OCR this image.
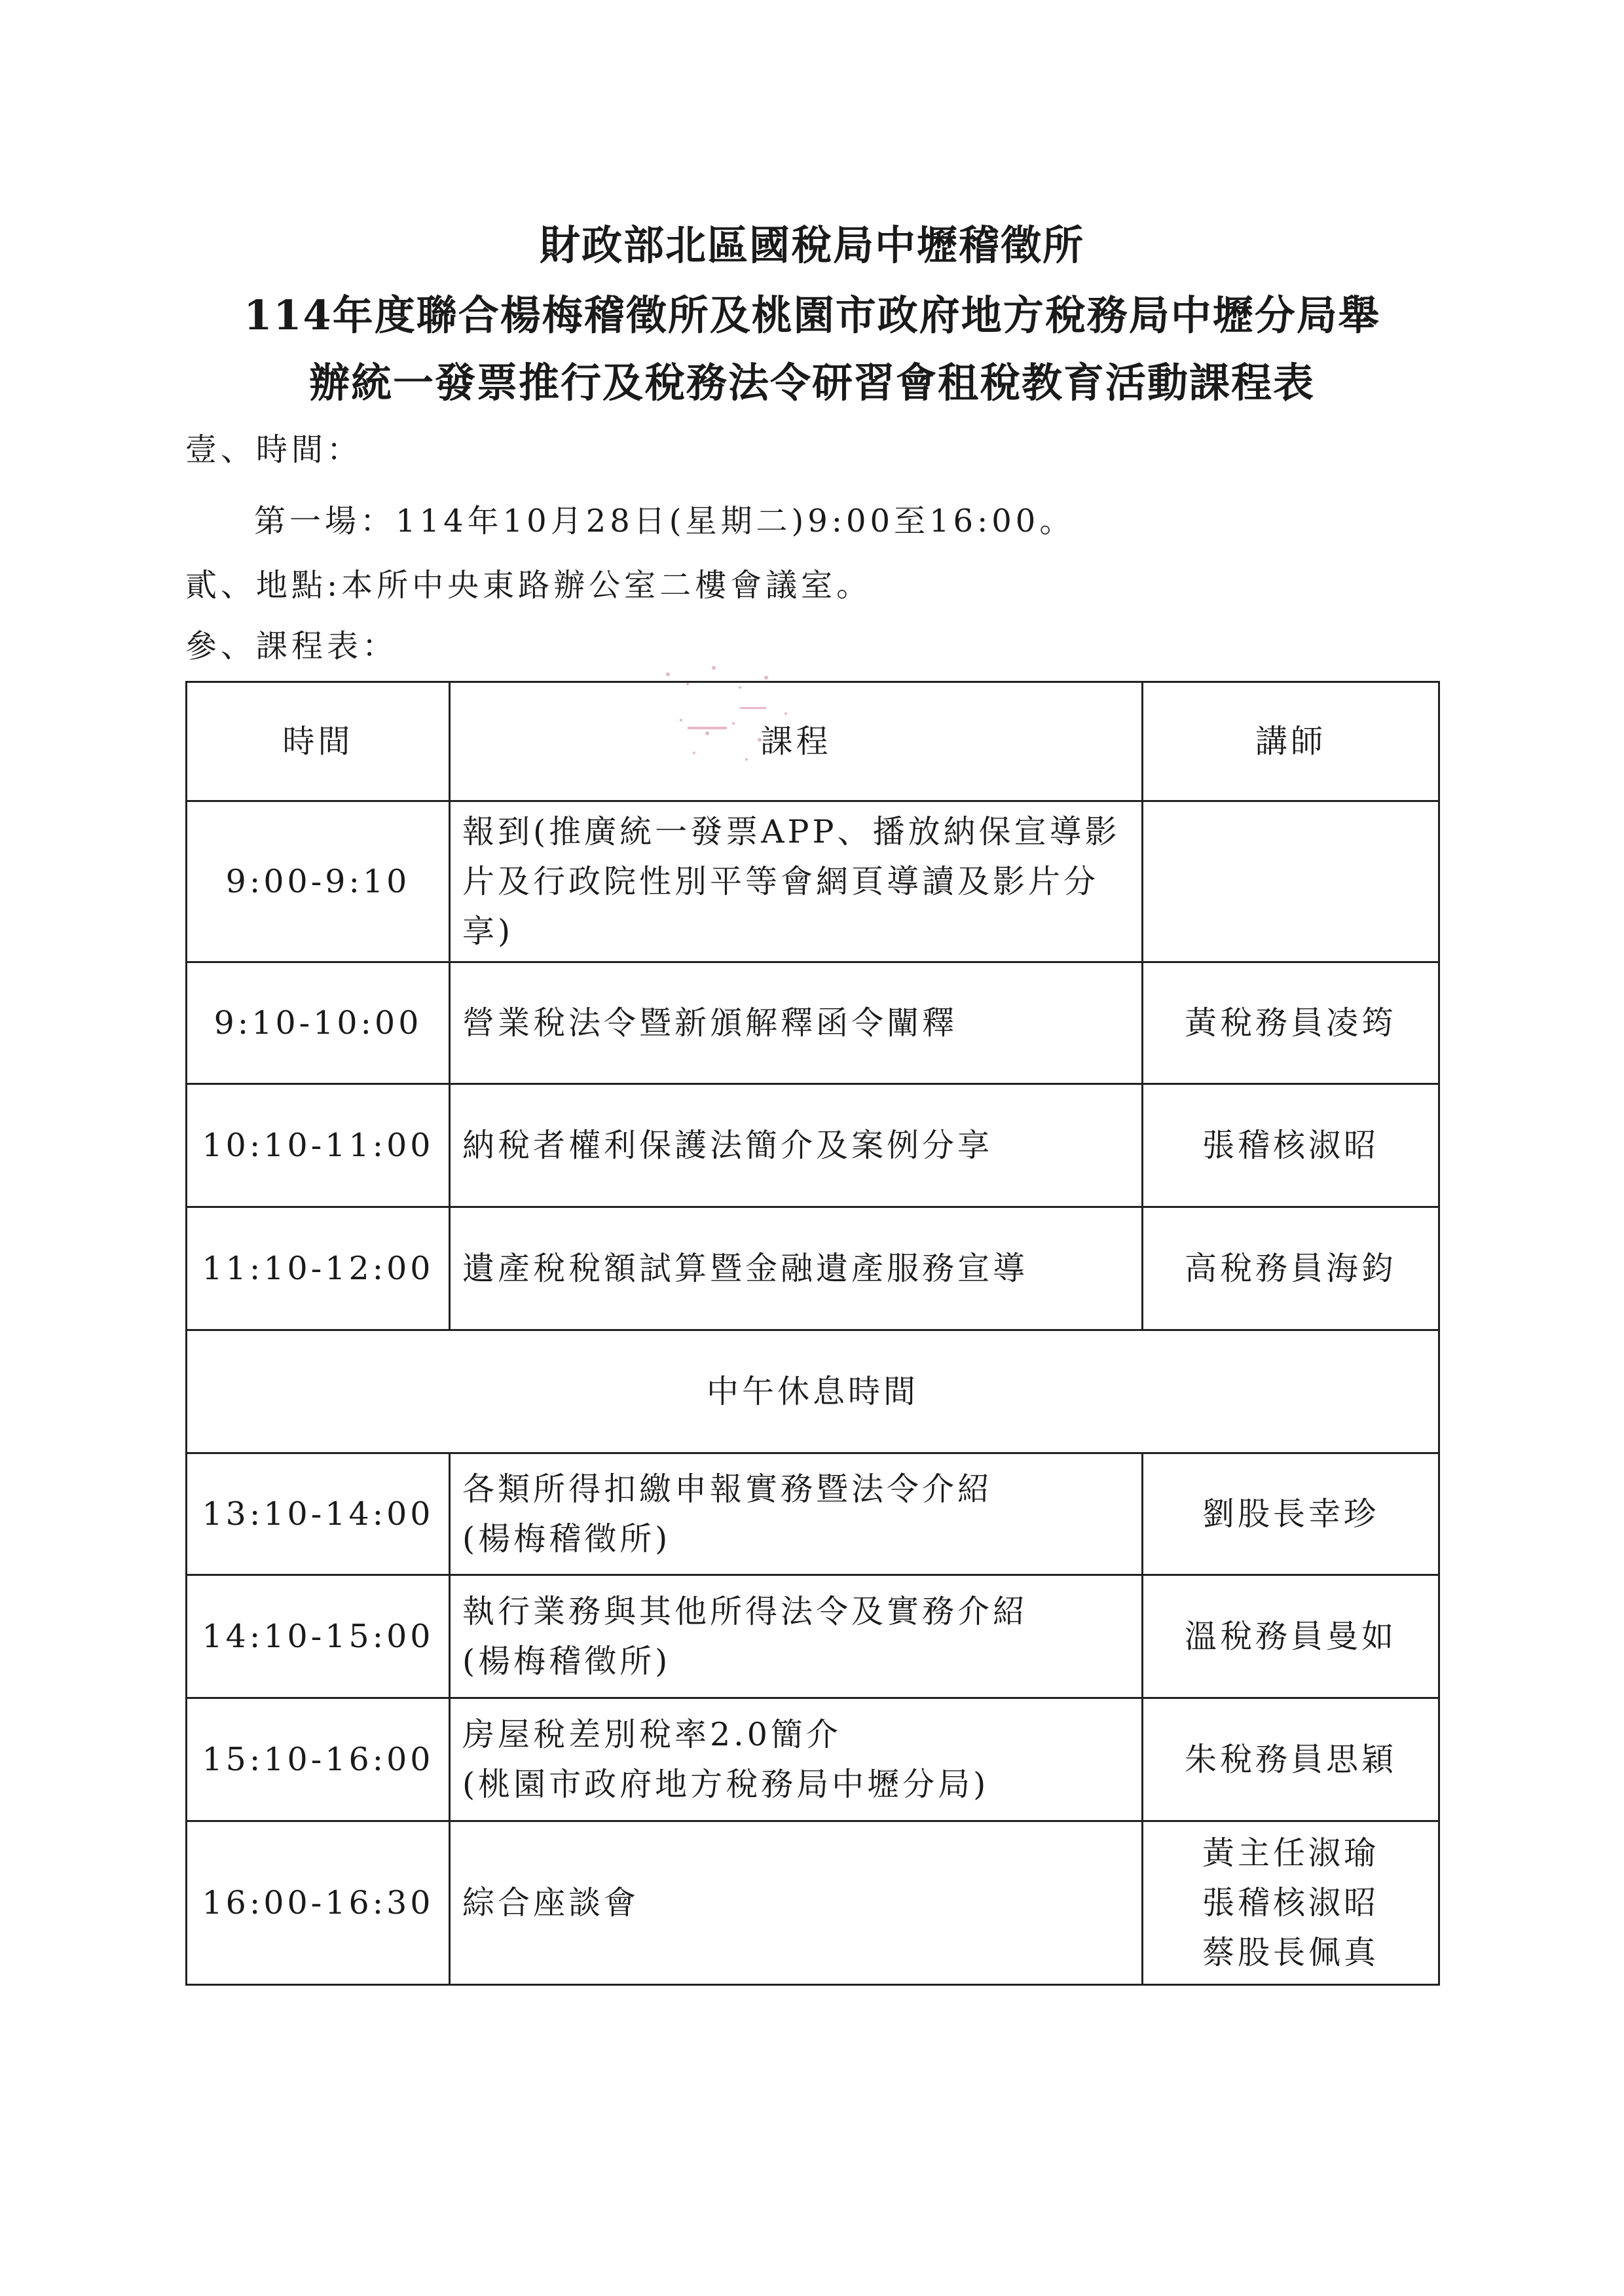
財政部北區國稅局中壢稽徵所
114年度聯合楊梅稽徵所及桃園市政府地方稅務局中壢分局舉
辦統一發票推行及稅務法令研習會租稅教育活動課程表
壹、時間：
第一場：114年10月28日(星期二)9:00至16:00。
貳、地點:本所中央東路辦公室二樓會議室。
參、課程表：
時間	課程	講師
9:00-9:10	報到(推廣統一發票APP、播放納保宣導影
片及行政院性別平等會網頁導讀及影片分
享)	

9:10-10:00	營業稅法令暨新頒解釋函令闡釋	黃稅務員凌筠

10:10-11:00	納稅者權利保護法簡介及案例分享	張稽核淑昭

11:10-12:00	遺產稅稅額試算暨金融遺產服務宣導	高稅務員海鈞

中午休息時間		
13:10-14:00	各類所得扣繳申報實務暨法令介紹
(楊梅稽徵所)	劉股長幸珍

14:10-15:00	執行業務與其他所得法令及實務介紹
(楊梅稽徵所)	溫稅務員曼如

15:10-16:00	房屋稅差別稅率2.0簡介
(桃園市政府地方稅務局中壢分局)	朱稅務員思穎

16:00-16:30	綜合座談會	黃主任淑瑜
張稽核淑昭
蔡股長佩真
